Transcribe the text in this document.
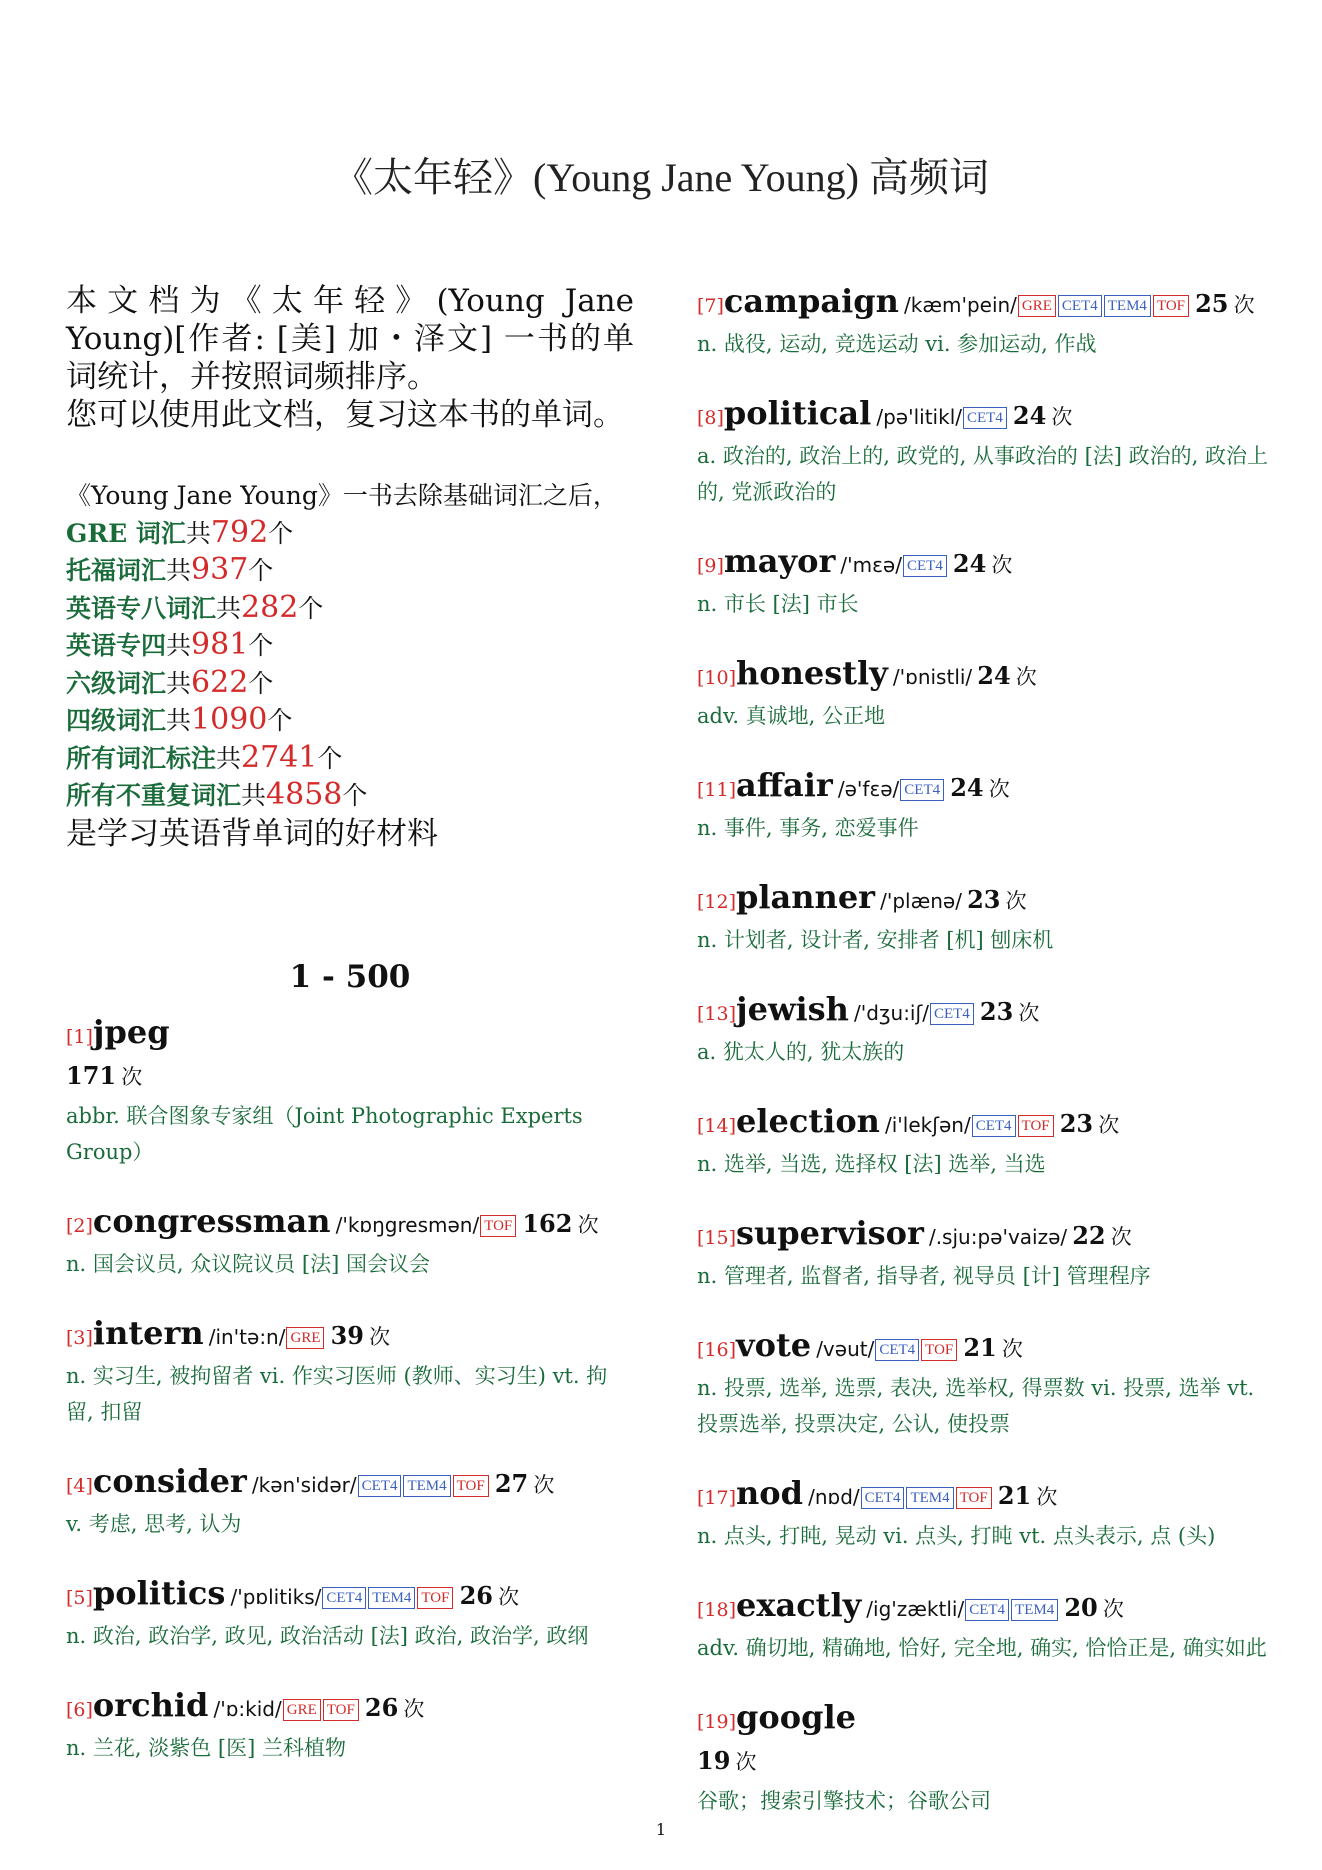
《太年轻》(Young Jane Young) 高频词

本文档为《太年轻》(Young Jane Young)[作者: [美] 加・泽文] 一书的单词统计，并按照词频排序。

您可以使用此文档，复习这本书的单词。

《Young Jane Young》一书去除基础词汇之后，
GRE 词汇共792个
托福词汇共937个
英语专八词汇共282个
英语专四共981个
六级词汇共622个
四级词汇共1090个
所有词汇标注共2741个
所有不重复词汇共4858个
是学习英语背单词的好材料
1 - 500
[1]jpeg
171 次
abbr. 联合图象专家组（Joint Photographic Experts Group）
[2]congressman /'kɒŋgresmən/ TOF 162 次
n. 国会议员, 众议院议员 [法] 国会议会
[3]intern /in'tə:n/ GRE 39 次
n. 实习生, 被拘留者 vi. 作实习医师 (教师、实习生) vt. 拘留, 扣留
[4]consider /kən'sidər/ CET4 TEM4 TOF 27 次
v. 考虑, 思考, 认为
[5]politics /'pɒlitiks/ CET4 TEM4 TOF 26 次
n. 政治, 政治学, 政见, 政治活动 [法] 政治, 政治学, 政纲
[6]orchid /'ɒ:kid/ GRE TOF 26 次
n. 兰花, 淡紫色 [医] 兰科植物
[7]campaign /kæm'pein/ GRE CET4 TEM4 TOF 25 次
n. 战役, 运动, 竞选运动 vi. 参加运动, 作战
[8]political /pə'litikl/ CET4 24 次
a. 政治的, 政治上的, 政党的, 从事政治的 [法] 政治的, 政治上的, 党派政治的
[9]mayor /'mɛə/ CET4 24 次
n. 市长 [法] 市长
[10]honestly /'ɒnistli/ 24 次
adv. 真诚地, 公正地
[11]affair /ə'fɛə/ CET4 24 次
n. 事件, 事务, 恋爱事件
[12]planner /'plænə/ 23 次
n. 计划者, 设计者, 安排者 [机] 刨床机
[13]jewish /'dʒu:iʃ/ CET4 23 次
a. 犹太人的, 犹太族的
[14]election /i'lekʃən/ CET4 TOF 23 次
n. 选举, 当选, 选择权 [法] 选举, 当选
[15]supervisor /.sju:pə'vaizə/ 22 次
n. 管理者, 监督者, 指导者, 视导员 [计] 管理程序
[16]vote /vəut/ CET4 TOF 21 次
n. 投票, 选举, 选票, 表决, 选举权, 得票数 vi. 投票, 选举 vt. 投票选举, 投票决定, 公认, 使投票
[17]nod /nɒd/ CET4 TEM4 TOF 21 次
n. 点头, 打盹, 晃动 vi. 点头, 打盹 vt. 点头表示, 点 (头)
[18]exactly /ig'zæktli/ CET4 TEM4 20 次
adv. 确切地, 精确地, 恰好, 完全地, 确实, 恰恰正是, 确实如此
[19]google
19 次
谷歌；搜索引擎技术；谷歌公司
1
